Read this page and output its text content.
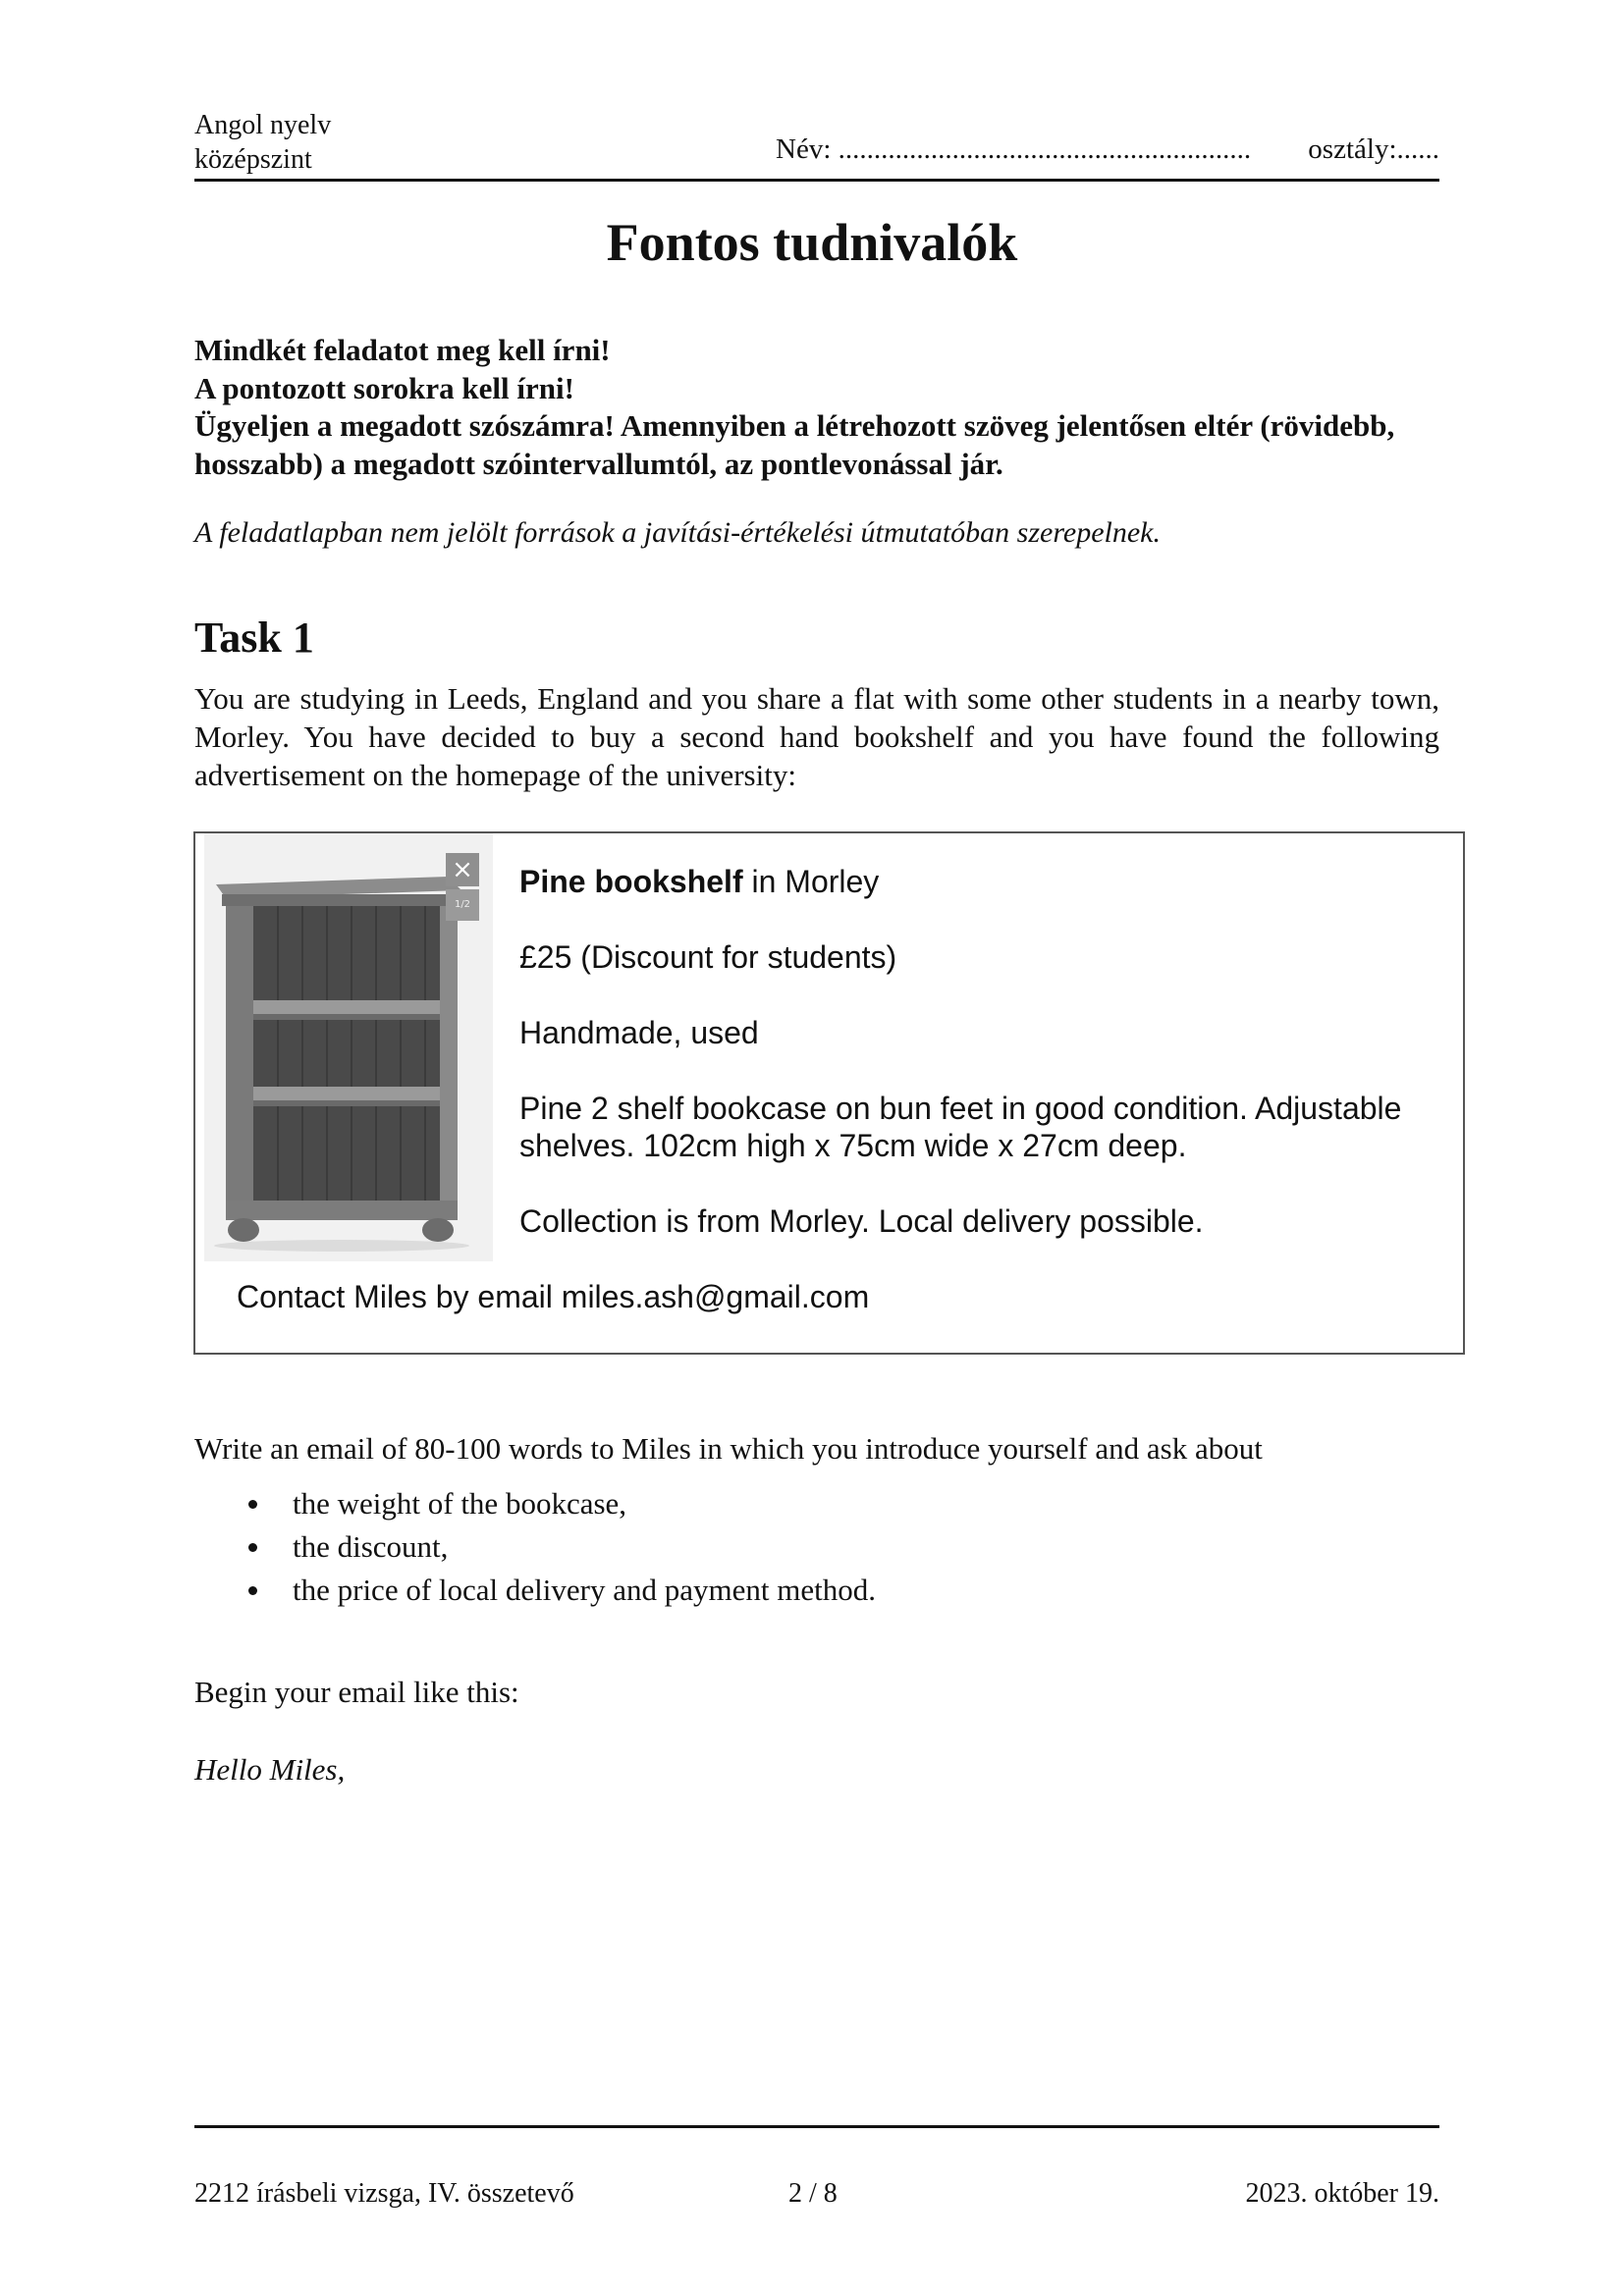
Angol nyelv
középszint	Név: .......................................................... osztály:......
Fontos tudnivalók
Mindkét feladatot meg kell írni!
A pontozott sorokra kell írni!
Ügyeljen a megadott szószámra! Amennyiben a létrehozott szöveg jelentősen eltér (rövidebb, hosszabb) a megadott szóintervallumtól, az pontlevonással jár.
A feladatlapban nem jelölt források a javítási-értékelési útmutatóban szerepelnek.
Task 1
You are studying in Leeds, England and you share a flat with some other students in a nearby town, Morley. You have decided to buy a second hand bookshelf and you have found the following advertisement on the homepage of the university:
×
1/2

Pine bookshelf in Morley

£25 (Discount for students)

Handmade, used

Pine 2 shelf bookcase on bun feet in good condition. Adjustable shelves. 102cm high x 75cm wide x 27cm deep.

Collection is from Morley. Local delivery possible.

Contact Miles by email miles.ash@gmail.com
Write an email of 80-100 words to Miles in which you introduce yourself and ask about
the weight of the bookcase,
the discount,
the price of local delivery and payment method.
Begin your email like this:
Hello Miles,
2212 írásbeli vizsga, IV. összetevő	2 / 8	2023. október 19.
